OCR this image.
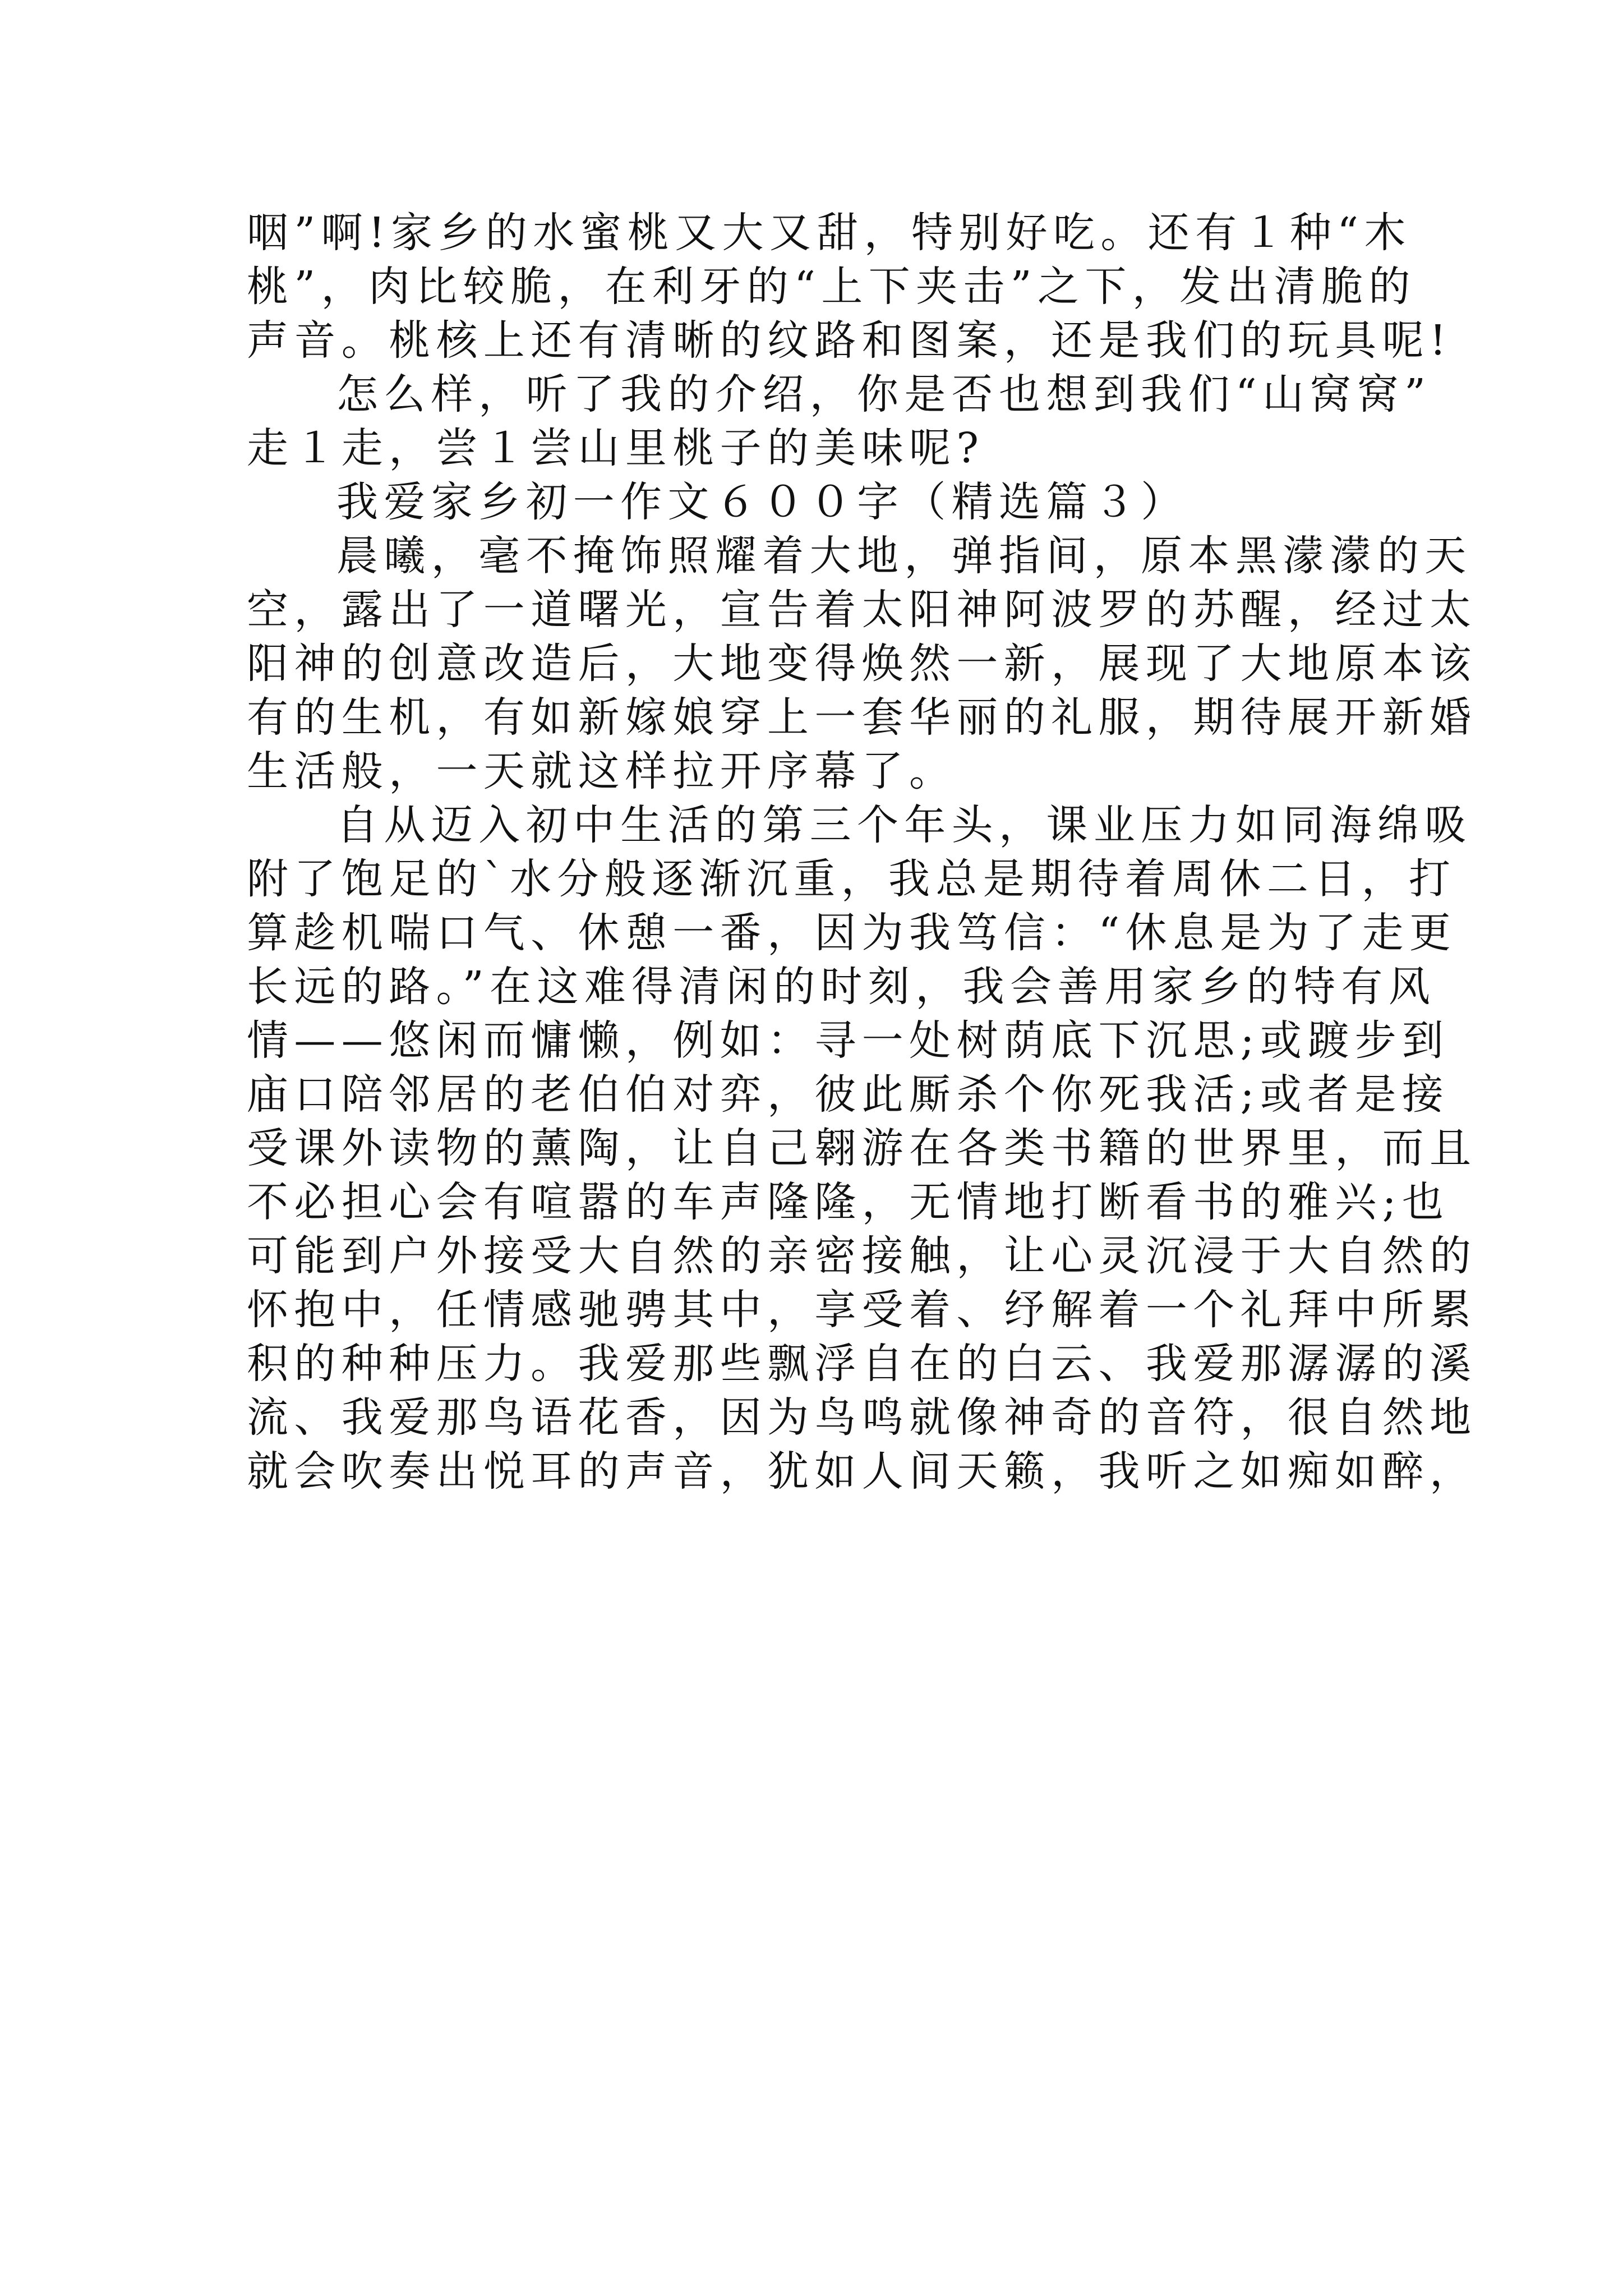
咽”啊!家乡的水蜜桃又大又甜，特别好吃。还有１种“木
桃”，肉比较脆，在利牙的“上下夹击”之下，发出清脆的
声音。桃核上还有清晰的纹路和图案，还是我们的玩具呢!
怎么样，听了我的介绍，你是否也想到我们“山窝窝”
走１走，尝１尝山里桃子的美味呢?
我爱家乡初一作文６００字（精选篇３）
晨曦，毫不掩饰照耀着大地，弹指间，原本黑濛濛的天
空，露出了一道曙光，宣告着太阳神阿波罗的苏醒，经过太
阳神的创意改造后，大地变得焕然一新，展现了大地原本该
有的生机，有如新嫁娘穿上一套华丽的礼服，期待展开新婚
生活般，一天就这样拉开序幕了。
自从迈入初中生活的第三个年头，课业压力如同海绵吸
附了饱足的`水分般逐渐沉重，我总是期待着周休二日，打
算趁机喘口气、休憩一番，因为我笃信：“休息是为了走更
长远的路。”在这难得清闲的时刻，我会善用家乡的特有风
情——悠闲而慵懒，例如：寻一处树荫底下沉思;或踱步到
庙口陪邻居的老伯伯对弈，彼此厮杀个你死我活;或者是接
受课外读物的薰陶，让自己翱游在各类书籍的世界里，而且
不必担心会有喧嚣的车声隆隆，无情地打断看书的雅兴;也
可能到户外接受大自然的亲密接触，让心灵沉浸于大自然的
怀抱中，任情感驰骋其中，享受着、纾解着一个礼拜中所累
积的种种压力。我爱那些飘浮自在的白云、我爱那潺潺的溪
流、我爱那鸟语花香，因为鸟鸣就像神奇的音符，很自然地
就会吹奏出悦耳的声音，犹如人间天籁，我听之如痴如醉，
